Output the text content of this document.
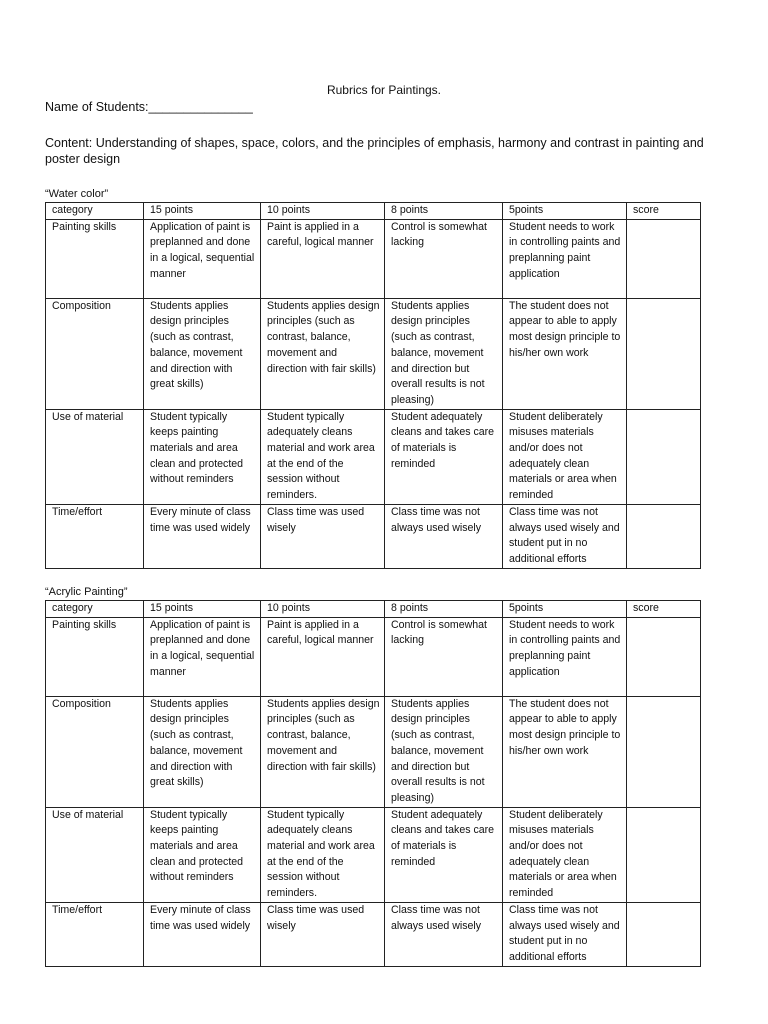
Rubrics for Paintings.
Name of Students:_______________
Content: Understanding of shapes, space, colors, and the principles of emphasis, harmony and contrast in painting and poster design
“Water color”
category	15 points	10 points	8 points	5points	score
Painting skills	Application of paint is preplanned and done in a logical, sequential manner	Paint is applied in a careful, logical manner	Control is somewhat lacking	Student needs to work in controlling paints and preplanning paint application	
Composition	Students applies design principles (such as contrast, balance, movement and direction with great skills)	Students applies design principles (such as contrast, balance, movement and direction with fair skills)	Students applies design principles (such as contrast, balance, movement and direction but overall results is not pleasing)	The student does not appear to able to apply most design principle to his/her own work	
Use of material	Student typically keeps painting materials and area clean and protected without reminders	Student typically adequately cleans material and work area at the end of the session without reminders.	Student adequately cleans and takes care of materials is reminded	Student deliberately misuses materials and/or does not adequately clean materials or area when reminded	
Time/effort	Every minute of class time was used widely	Class time was used wisely	Class time was not always used wisely	Class time was not always used wisely and student put in no additional efforts	
“Acrylic Painting”
category	15 points	10 points	8 points	5points	score
Painting skills	Application of paint is preplanned and done in a logical, sequential manner	Paint is applied in a careful, logical manner	Control is somewhat lacking	Student needs to work in controlling paints and preplanning paint application	
Composition	Students applies design principles (such as contrast, balance, movement and direction with great skills)	Students applies design principles (such as contrast, balance, movement and direction with fair skills)	Students applies design principles (such as contrast, balance, movement and direction but overall results is not pleasing)	The student does not appear to able to apply most design principle to his/her own work	
Use of material	Student typically keeps painting materials and area clean and protected without reminders	Student typically adequately cleans material and work area at the end of the session without reminders.	Student adequately cleans and takes care of materials is reminded	Student deliberately misuses materials and/or does not adequately clean materials or area when reminded	
Time/effort	Every minute of class time was used widely	Class time was used wisely	Class time was not always used wisely	Class time was not always used wisely and student put in no additional efforts	
